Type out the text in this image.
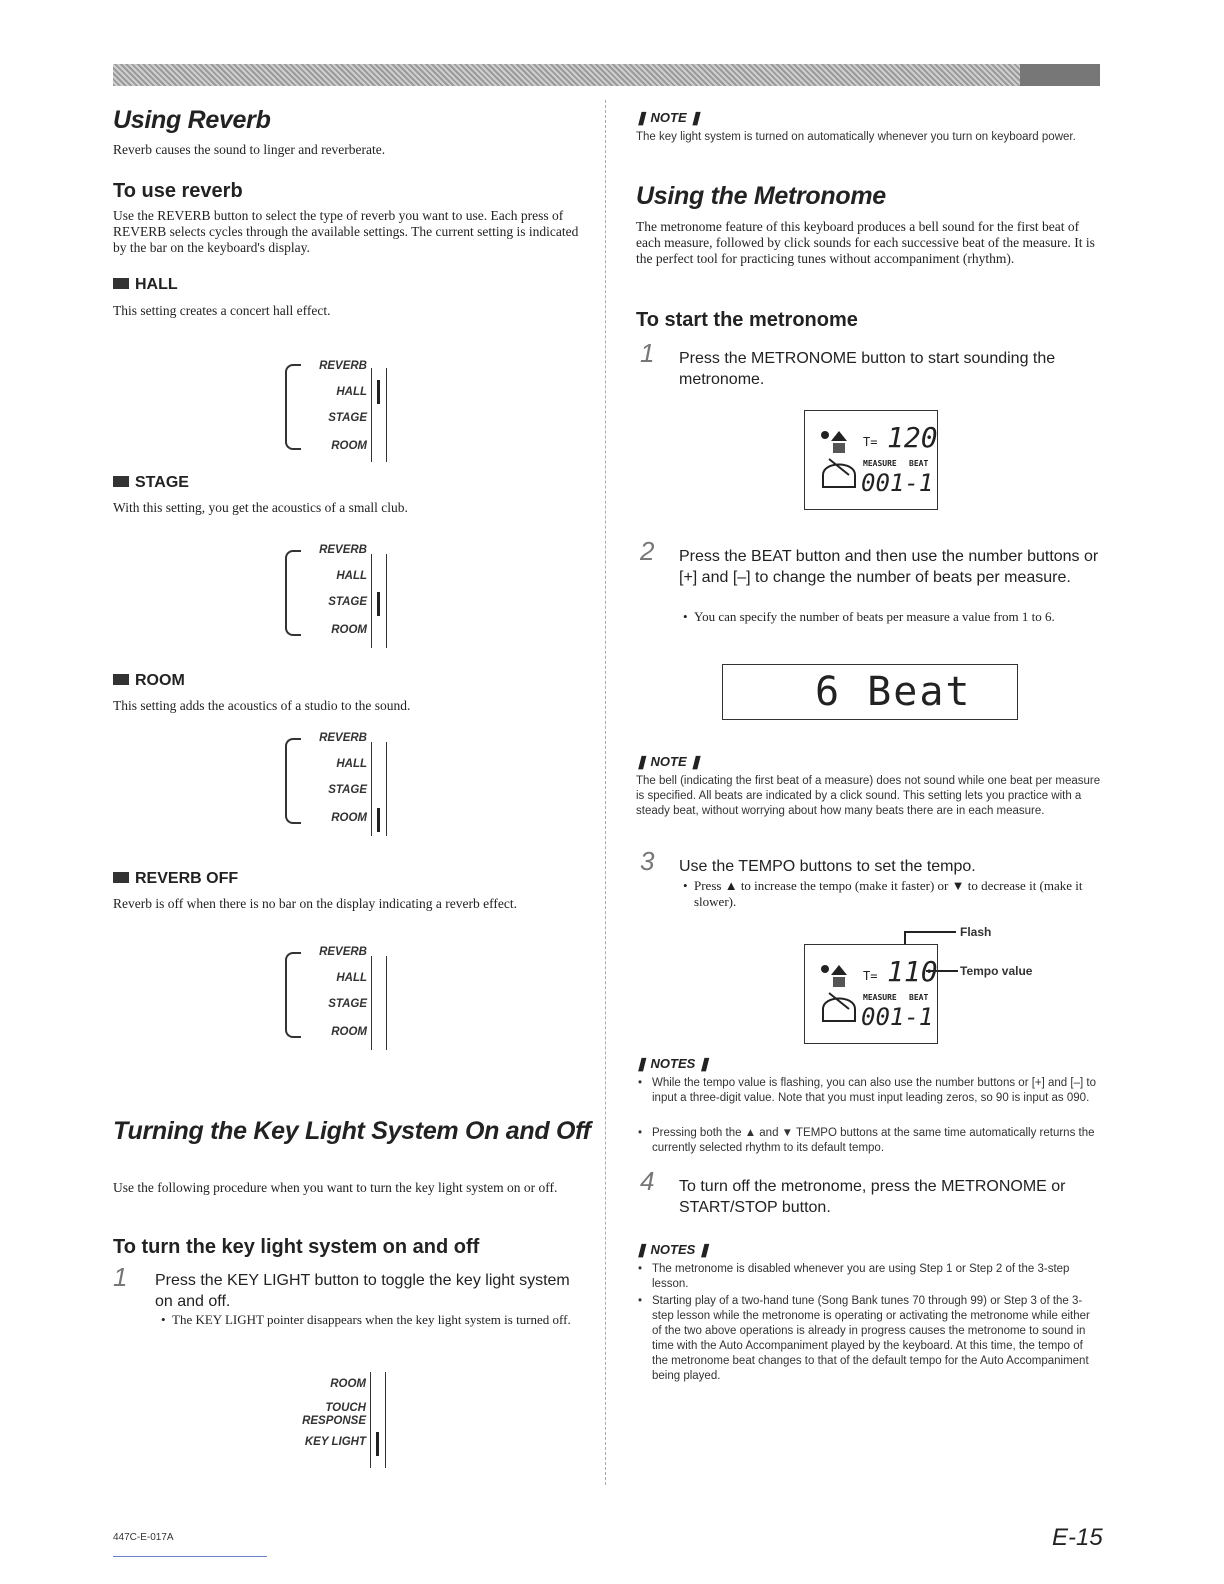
Using Reverb
Reverb causes the sound to linger and reverberate.
To use reverb
Use the REVERB button to select the type of reverb you want to use. Each press of REVERB selects cycles through the available settings. The current setting is indicated by the bar on the keyboard's display.
HALL
This setting creates a concert hall effect.
REVERB
HALL
STAGE
ROOM
STAGE
With this setting, you get the acoustics of a small club.
REVERB
HALL
STAGE
ROOM
ROOM
This setting adds the acoustics of a studio to the sound.
REVERB
HALL
STAGE
ROOM
REVERB OFF
Reverb is off when there is no bar on the display indicating a reverb effect.
REVERB
HALL
STAGE
ROOM
Turning the Key Light System On and Off
Use the following procedure when you want to turn the key light system on or off.
To turn the key light system on and off
1 Press the KEY LIGHT button to toggle the key light system on and off.
• The KEY LIGHT pointer disappears when the key light system is turned off.
ROOM
TOUCH RESPONSE
KEY LIGHT
❚ NOTE ❚
The key light system is turned on automatically whenever you turn on keyboard power.
Using the Metronome
The metronome feature of this keyboard produces a bell sound for the first beat of each measure, followed by click sounds for each successive beat of the measure. It is the perfect tool for practicing tunes without accompaniment (rhythm).
To start the metronome
1 Press the METRONOME button to start sounding the metronome.
T= 120
MEASURE BEAT
001-1
2 Press the BEAT button and then use the number buttons or [+] and [–] to change the number of beats per measure.
• You can specify the number of beats per measure a value from 1 to 6.
6 Beat
❚ NOTE ❚
The bell (indicating the first beat of a measure) does not sound while one beat per measure is specified. All beats are indicated by a click sound. This setting lets you practice with a steady beat, without worrying about how many beats there are in each measure.
3 Use the TEMPO buttons to set the tempo.
• Press ▲ to increase the tempo (make it faster) or ▼ to decrease it (make it slower).
Flash
Tempo value
T= 110
MEASURE BEAT
001-1
❚ NOTES ❚
• While the tempo value is flashing, you can also use the number buttons or [+] and [–] to input a three-digit value. Note that you must input leading zeros, so 90 is input as 090.
• Pressing both the ▲ and ▼ TEMPO buttons at the same time automatically returns the currently selected rhythm to its default tempo.
4 To turn off the metronome, press the METRONOME or START/STOP button.
❚ NOTES ❚
• The metronome is disabled whenever you are using Step 1 or Step 2 of the 3-step lesson.
• Starting play of a two-hand tune (Song Bank tunes 70 through 99) or Step 3 of the 3-step lesson while the metronome is operating or activating the metronome while either of the two above operations is already in progress causes the metronome to sound in time with the Auto Accompaniment played by the keyboard. At this time, the tempo of the metronome beat changes to that of the default tempo for the Auto Accompaniment being played.
447C-E-017A	E-15
